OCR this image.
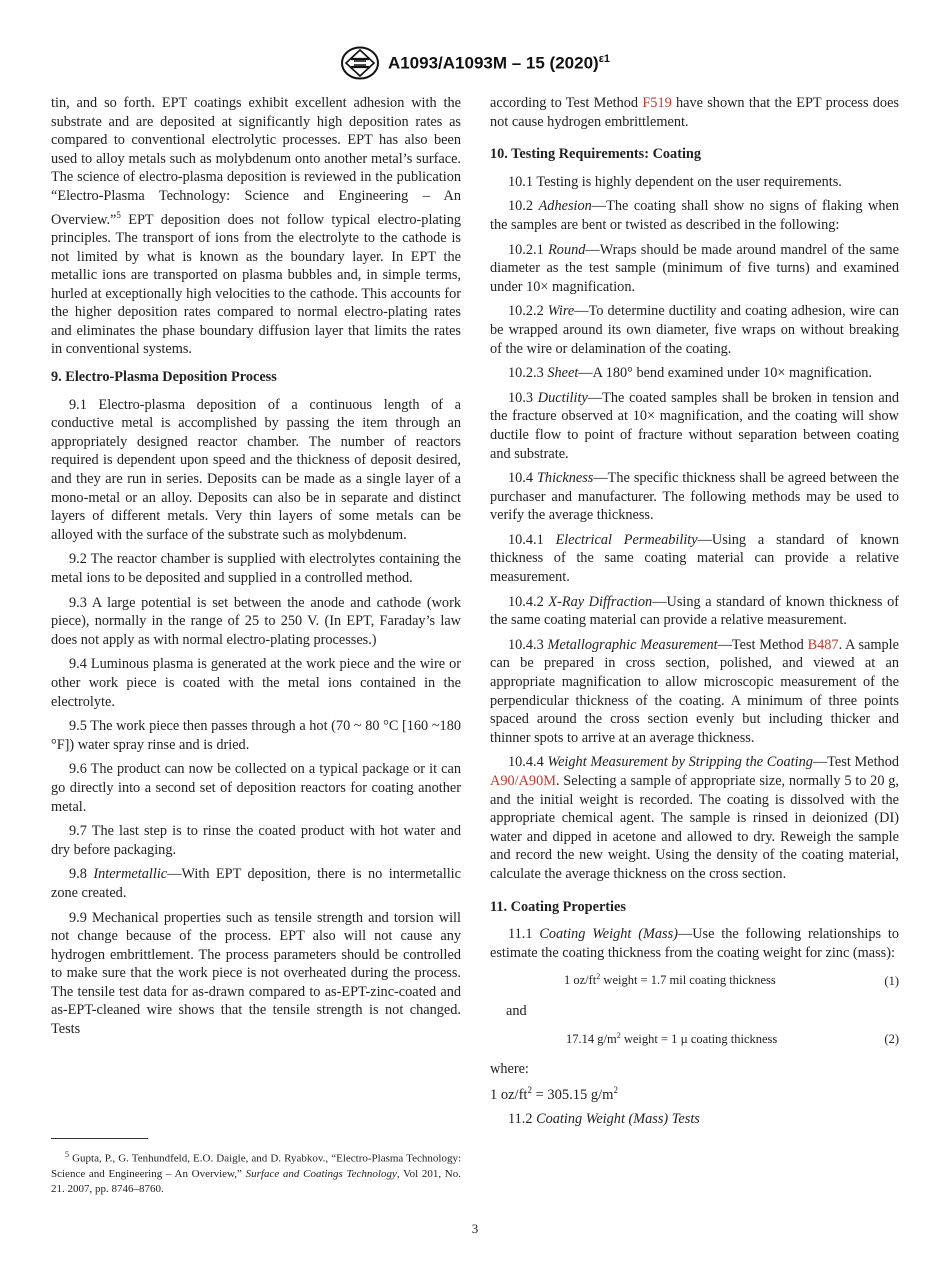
A1093/A1093M – 15 $(2020)^{\varepsilon 1}$

tin, and so forth. EPT coatings exhibit excellent adhesion with the substrate and are deposited at significantly high deposition rates as compared to conventional electrolytic processes. EPT has also been used to alloy metals such as molybdenum onto another metal’s surface. The science of electro-plasma deposition is reviewed in the publication “Electro-Plasma Technology: Science and Engineering – An Overview.”$^5$ EPT deposition does not follow typical electro-plating principles. The transport of ions from the electrolyte to the cathode is not limited by what is known as the boundary layer. In EPT the metallic ions are transported on plasma bubbles and, in simple terms, hurled at exceptionally high velocities to the cathode. This accounts for the higher deposition rates compared to normal electro-plating rates and eliminates the phase boundary diffusion layer that limits the rates in conventional systems.

9. Electro-Plasma Deposition Process

9.1 Electro-plasma deposition of a continuous length of a conductive metal is accomplished by passing the item through an appropriately designed reactor chamber. The number of reactors required is dependent upon speed and the thickness of deposit desired, and they are run in series. Deposits can be made as a single layer of a mono-metal or an alloy. Deposits can also be in separate and distinct layers of different metals. Very thin layers of some metals can be alloyed with the surface of the substrate such as molybdenum.

9.2 The reactor chamber is supplied with electrolytes containing the metal ions to be deposited and supplied in a controlled method.

9.3 A large potential is set between the anode and cathode (work piece), normally in the range of 25 to 250 V. (In EPT, Faraday’s law does not apply as with normal electro-plating processes.)

9.4 Luminous plasma is generated at the work piece and the wire or other work piece is coated with the metal ions contained in the electrolyte.

9.5 The work piece then passes through a hot (70 ~ 80 °C [160 ~180 °F]) water spray rinse and is dried.

9.6 The product can now be collected on a typical package or it can go directly into a second set of deposition reactors for coating another metal.

9.7 The last step is to rinse the coated product with hot water and dry before packaging.

9.8 Intermetallic—With EPT deposition, there is no intermetallic zone created.

9.9 Mechanical properties such as tensile strength and torsion will not change because of the process. EPT also will not cause any hydrogen embrittlement. The process parameters should be controlled to make sure that the work piece is not overheated during the process. The tensile test data for as-drawn compared to as-EPT-zinc-coated and as-EPT-cleaned wire shows that the tensile strength is not changed. Tests

$^5$ Gupta, P., G. Tenhundfeld, E.O. Daigle, and D. Ryabkov., “Electro-Plasma Technology: Science and Engineering – An Overview,” Surface and Coatings Technology, Vol 201, No. 21. 2007, pp. 8746–8760.

according to Test Method F519 have shown that the EPT process does not cause hydrogen embrittlement.

10. Testing Requirements: Coating

10.1 Testing is highly dependent on the user requirements.

10.2 Adhesion—The coating shall show no signs of flaking when the samples are bent or twisted as described in the following:

10.2.1 Round—Wraps should be made around mandrel of the same diameter as the test sample (minimum of five turns) and examined under 10× magnification.

10.2.2 Wire—To determine ductility and coating adhesion, wire can be wrapped around its own diameter, five wraps on without breaking of the wire or delamination of the coating.

10.2.3 Sheet—A 180° bend examined under 10× magnification.

10.3 Ductility—The coated samples shall be broken in tension and the fracture observed at 10× magnification, and the coating will show ductile flow to point of fracture without separation between coating and substrate.

10.4 Thickness—The specific thickness shall be agreed between the purchaser and manufacturer. The following methods may be used to verify the average thickness.

10.4.1 Electrical Permeability—Using a standard of known thickness of the same coating material can provide a relative measurement.

10.4.2 X-Ray Diffraction—Using a standard of known thickness of the same coating material can provide a relative measurement.

10.4.3 Metallographic Measurement—Test Method B487. A sample can be prepared in cross section, polished, and viewed at an appropriate magnification to allow microscopic measurement of the perpendicular thickness of the coating. A minimum of three points spaced around the cross section evenly but including thicker and thinner spots to arrive at an average thickness.

10.4.4 Weight Measurement by Stripping the Coating—Test Method A90/A90M. Selecting a sample of appropriate size, normally 5 to 20 g, and the initial weight is recorded. The coating is dissolved with the appropriate chemical agent. The sample is rinsed in deionized (DI) water and dipped in acetone and allowed to dry. Reweigh the sample and record the new weight. Using the density of the coating material, calculate the average thickness on the cross section.

11. Coating Properties

11.1 Coating Weight (Mass)—Use the following relationships to estimate the coating thickness from the coating weight for zinc (mass):

1 $oz/ft^2$ weight = 1.7 mil coating thickness	(1)

and

17.14 $g/m^2$ weight = 1 µ coating thickness	(2)

where:

1 $oz/ft^2 = 305.15$ $g/m^2$

11.2 Coating Weight (Mass) Tests

3
